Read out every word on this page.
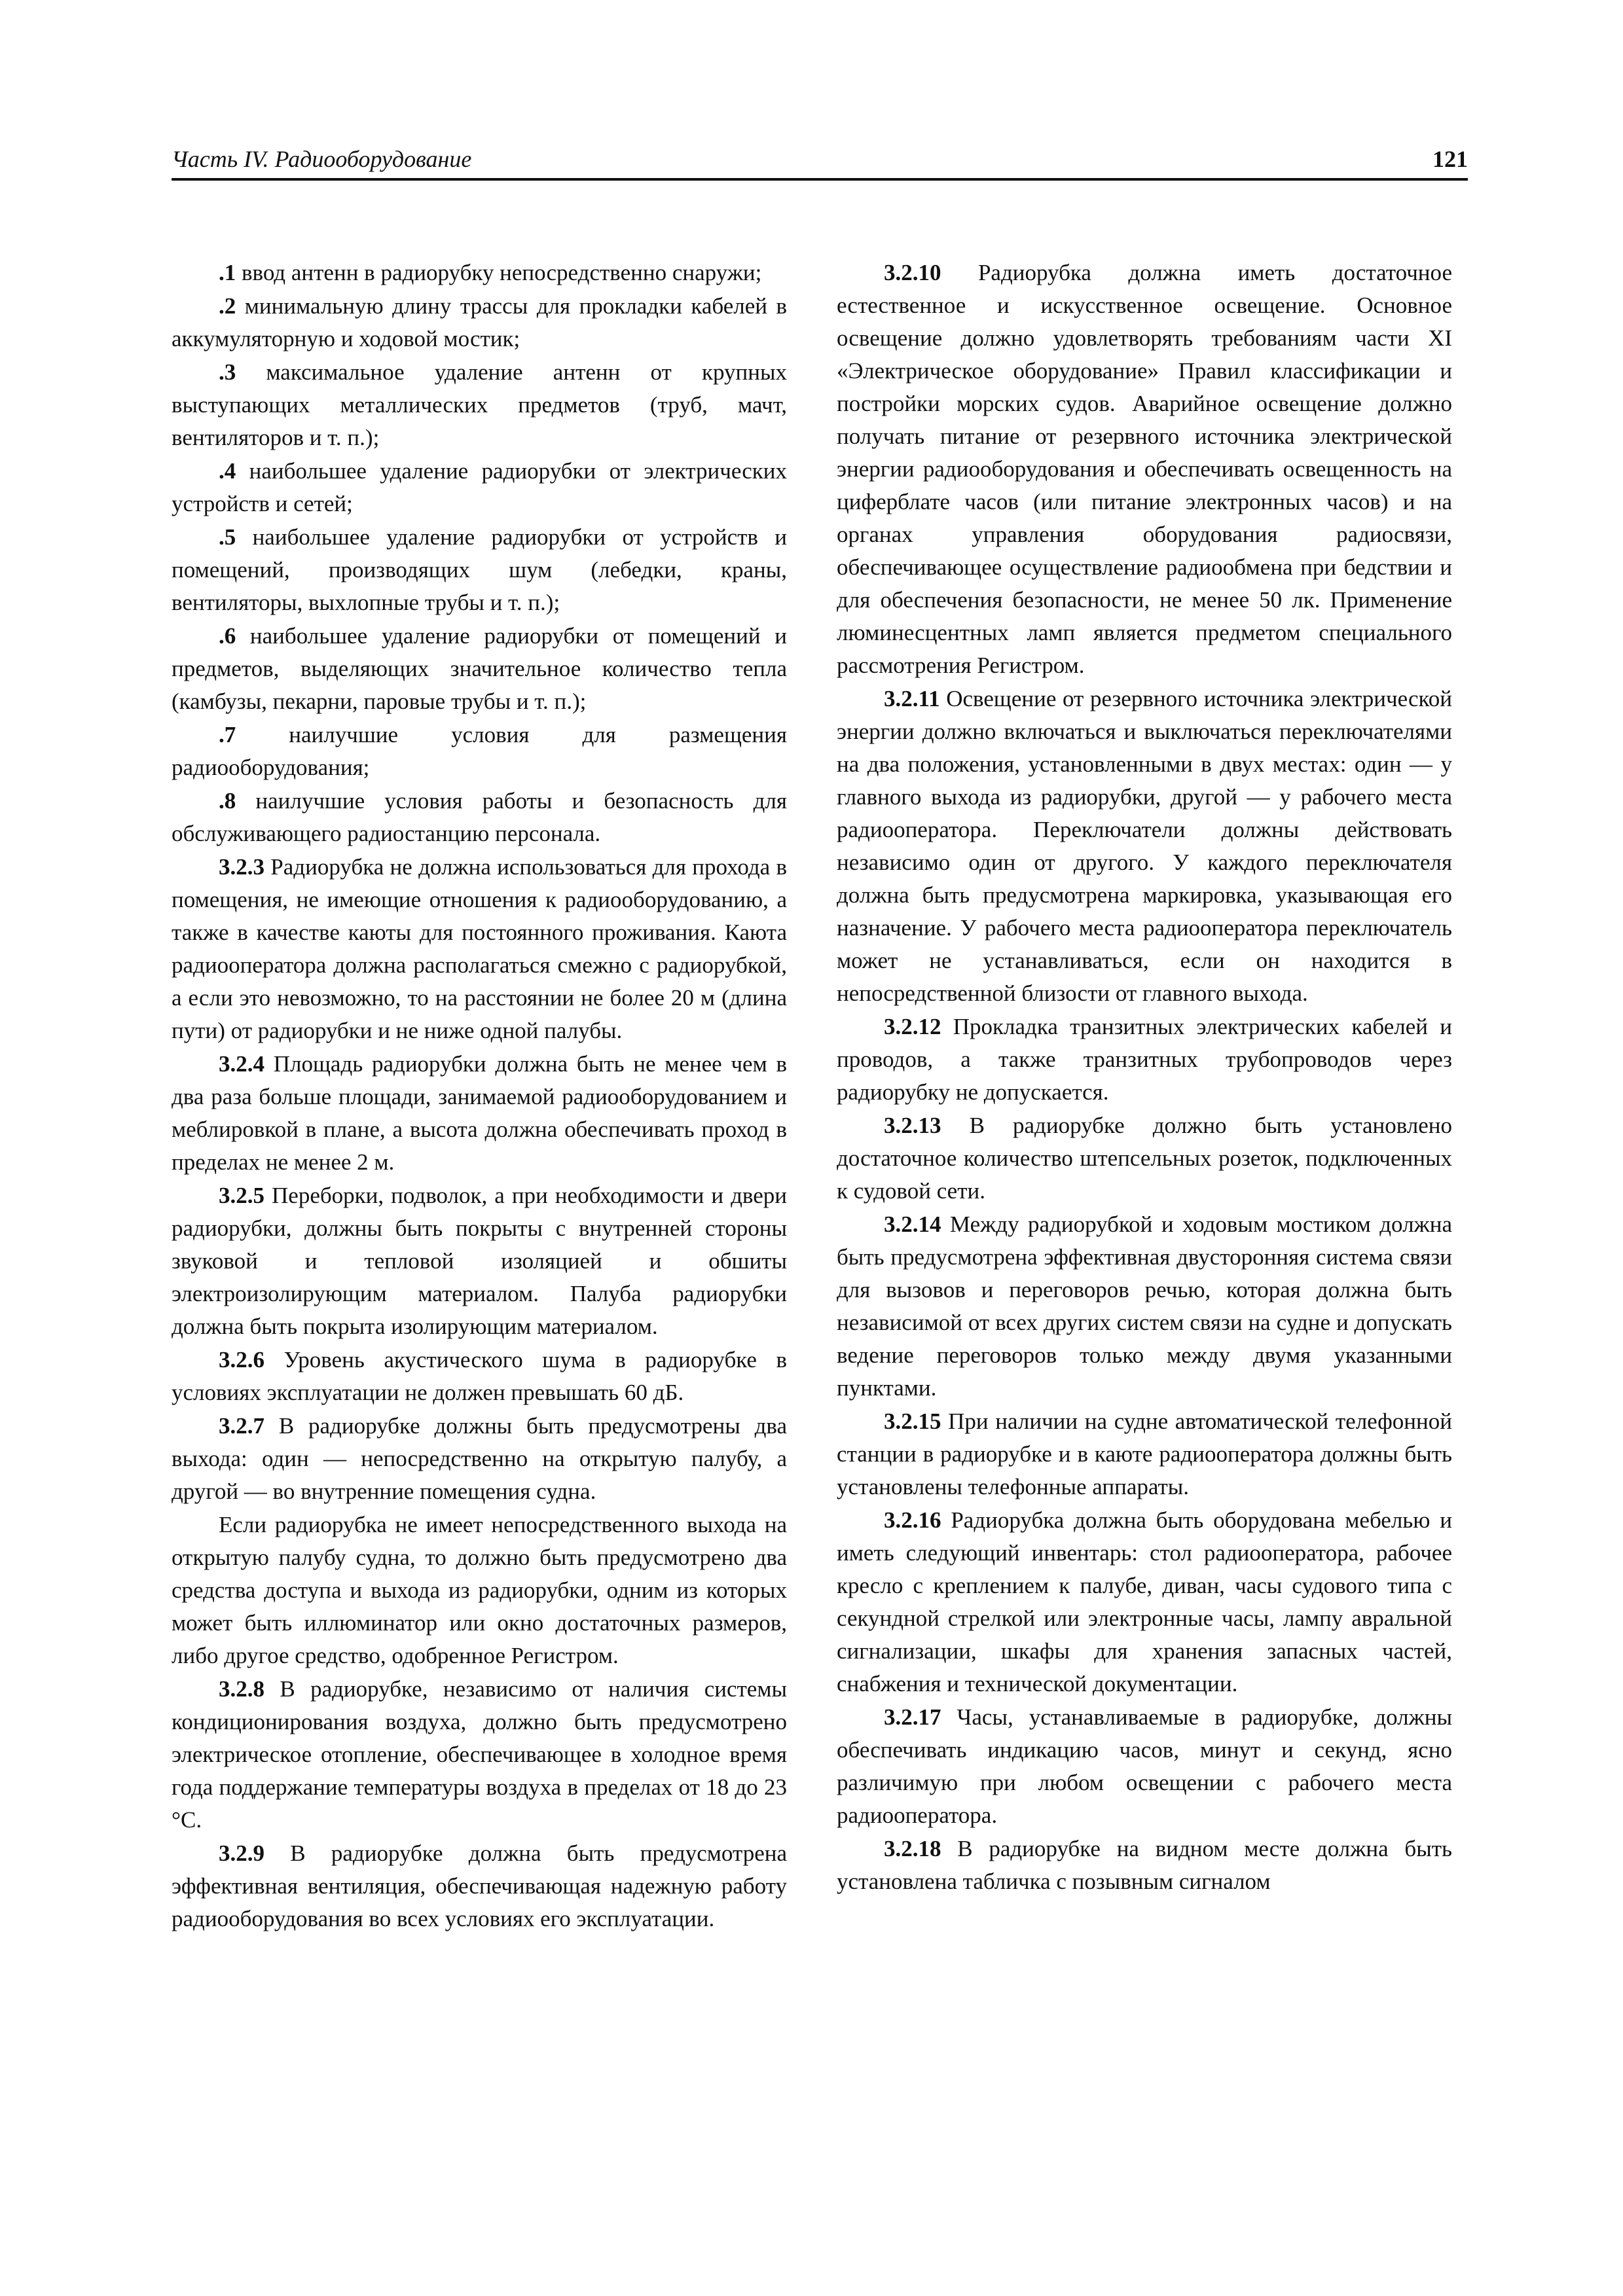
Часть IV. Радиооборудование	121

.1 ввод антенн в радиорубку непосредственно снаружи;

.2 минимальную длину трассы для прокладки кабелей в аккумуляторную и ходовой мостик;

.3 максимальное удаление антенн от крупных выступающих металлических предметов (труб, мачт, вентиляторов и т. п.);

.4 наибольшее удаление радиорубки от электрических устройств и сетей;

.5 наибольшее удаление радиорубки от устройств и помещений, производящих шум (лебедки, краны, вентиляторы, выхлопные трубы и т. п.);

.6 наибольшее удаление радиорубки от помещений и предметов, выделяющих значительное количество тепла (камбузы, пекарни, паровые трубы и т. п.);

.7 наилучшие условия для размещения радиооборудования;

.8 наилучшие условия работы и безопасность для обслуживающего радиостанцию персонала.

3.2.3 Радиорубка не должна использоваться для прохода в помещения, не имеющие отношения к радиооборудованию, а также в качестве каюты для постоянного проживания. Каюта радиооператора должна располагаться смежно с радиорубкой, а если это невозможно, то на расстоянии не более 20 м (длина пути) от радиорубки и не ниже одной палубы.

3.2.4 Площадь радиорубки должна быть не менее чем в два раза больше площади, занимаемой радиооборудованием и меблировкой в плане, а высота должна обеспечивать проход в пределах не менее 2 м.

3.2.5 Переборки, подволок, а при необходимости и двери радиорубки, должны быть покрыты с внутренней стороны звуковой и тепловой изоляцией и обшиты электроизолирующим материалом. Палуба радиорубки должна быть покрыта изолирующим материалом.

3.2.6 Уровень акустического шума в радиорубке в условиях эксплуатации не должен превышать 60 дБ.

3.2.7 В радиорубке должны быть предусмотрены два выхода: один — непосредственно на открытую палубу, а другой — во внутренние помещения судна.

Если радиорубка не имеет непосредственного выхода на открытую палубу судна, то должно быть предусмотрено два средства доступа и выхода из радиорубки, одним из которых может быть иллюминатор или окно достаточных размеров, либо другое средство, одобренное Регистром.

3.2.8 В радиорубке, независимо от наличия системы кондиционирования воздуха, должно быть предусмотрено электрическое отопление, обеспечивающее в холодное время года поддержание температуры воздуха в пределах от 18 до 23 °С.

3.2.9 В радиорубке должна быть предусмотрена эффективная вентиляция, обеспечивающая надежную работу радиооборудования во всех условиях его эксплуатации.

3.2.10 Радиорубка должна иметь достаточное естественное и искусственное освещение. Основное освещение должно удовлетворять требованиям части XI «Электрическое оборудование» Правил классификации и постройки морских судов. Аварийное освещение должно получать питание от резервного источника электрической энергии радиооборудования и обеспечивать освещенность на циферблате часов (или питание электронных часов) и на органах управления оборудования радиосвязи, обеспечивающее осуществление радиообмена при бедствии и для обеспечения безопасности, не менее 50 лк. Применение люминесцентных ламп является предметом специального рассмотрения Регистром.

3.2.11 Освещение от резервного источника электрической энергии должно включаться и выключаться переключателями на два положения, установленными в двух местах: один — у главного выхода из радиорубки, другой — у рабочего места радиооператора. Переключатели должны действовать независимо один от другого. У каждого переключателя должна быть предусмотрена маркировка, указывающая его назначение. У рабочего места радиооператора переключатель может не устанавливаться, если он находится в непосредственной близости от главного выхода.

3.2.12 Прокладка транзитных электрических кабелей и проводов, а также транзитных трубопроводов через радиорубку не допускается.

3.2.13 В радиорубке должно быть установлено достаточное количество штепсельных розеток, подключенных к судовой сети.

3.2.14 Между радиорубкой и ходовым мостиком должна быть предусмотрена эффективная двусторонняя система связи для вызовов и переговоров речью, которая должна быть независимой от всех других систем связи на судне и допускать ведение переговоров только между двумя указанными пунктами.

3.2.15 При наличии на судне автоматической телефонной станции в радиорубке и в каюте радиооператора должны быть установлены телефонные аппараты.

3.2.16 Радиорубка должна быть оборудована мебелью и иметь следующий инвентарь: стол радиооператора, рабочее кресло с креплением к палубе, диван, часы судового типа с секундной стрелкой или электронные часы, лампу авральной сигнализации, шкафы для хранения запасных частей, снабжения и технической документации.

3.2.17 Часы, устанавливаемые в радиорубке, должны обеспечивать индикацию часов, минут и секунд, ясно различимую при любом освещении с рабочего места радиооператора.

3.2.18 В радиорубке на видном месте должна быть установлена табличка с позывным сигналом
